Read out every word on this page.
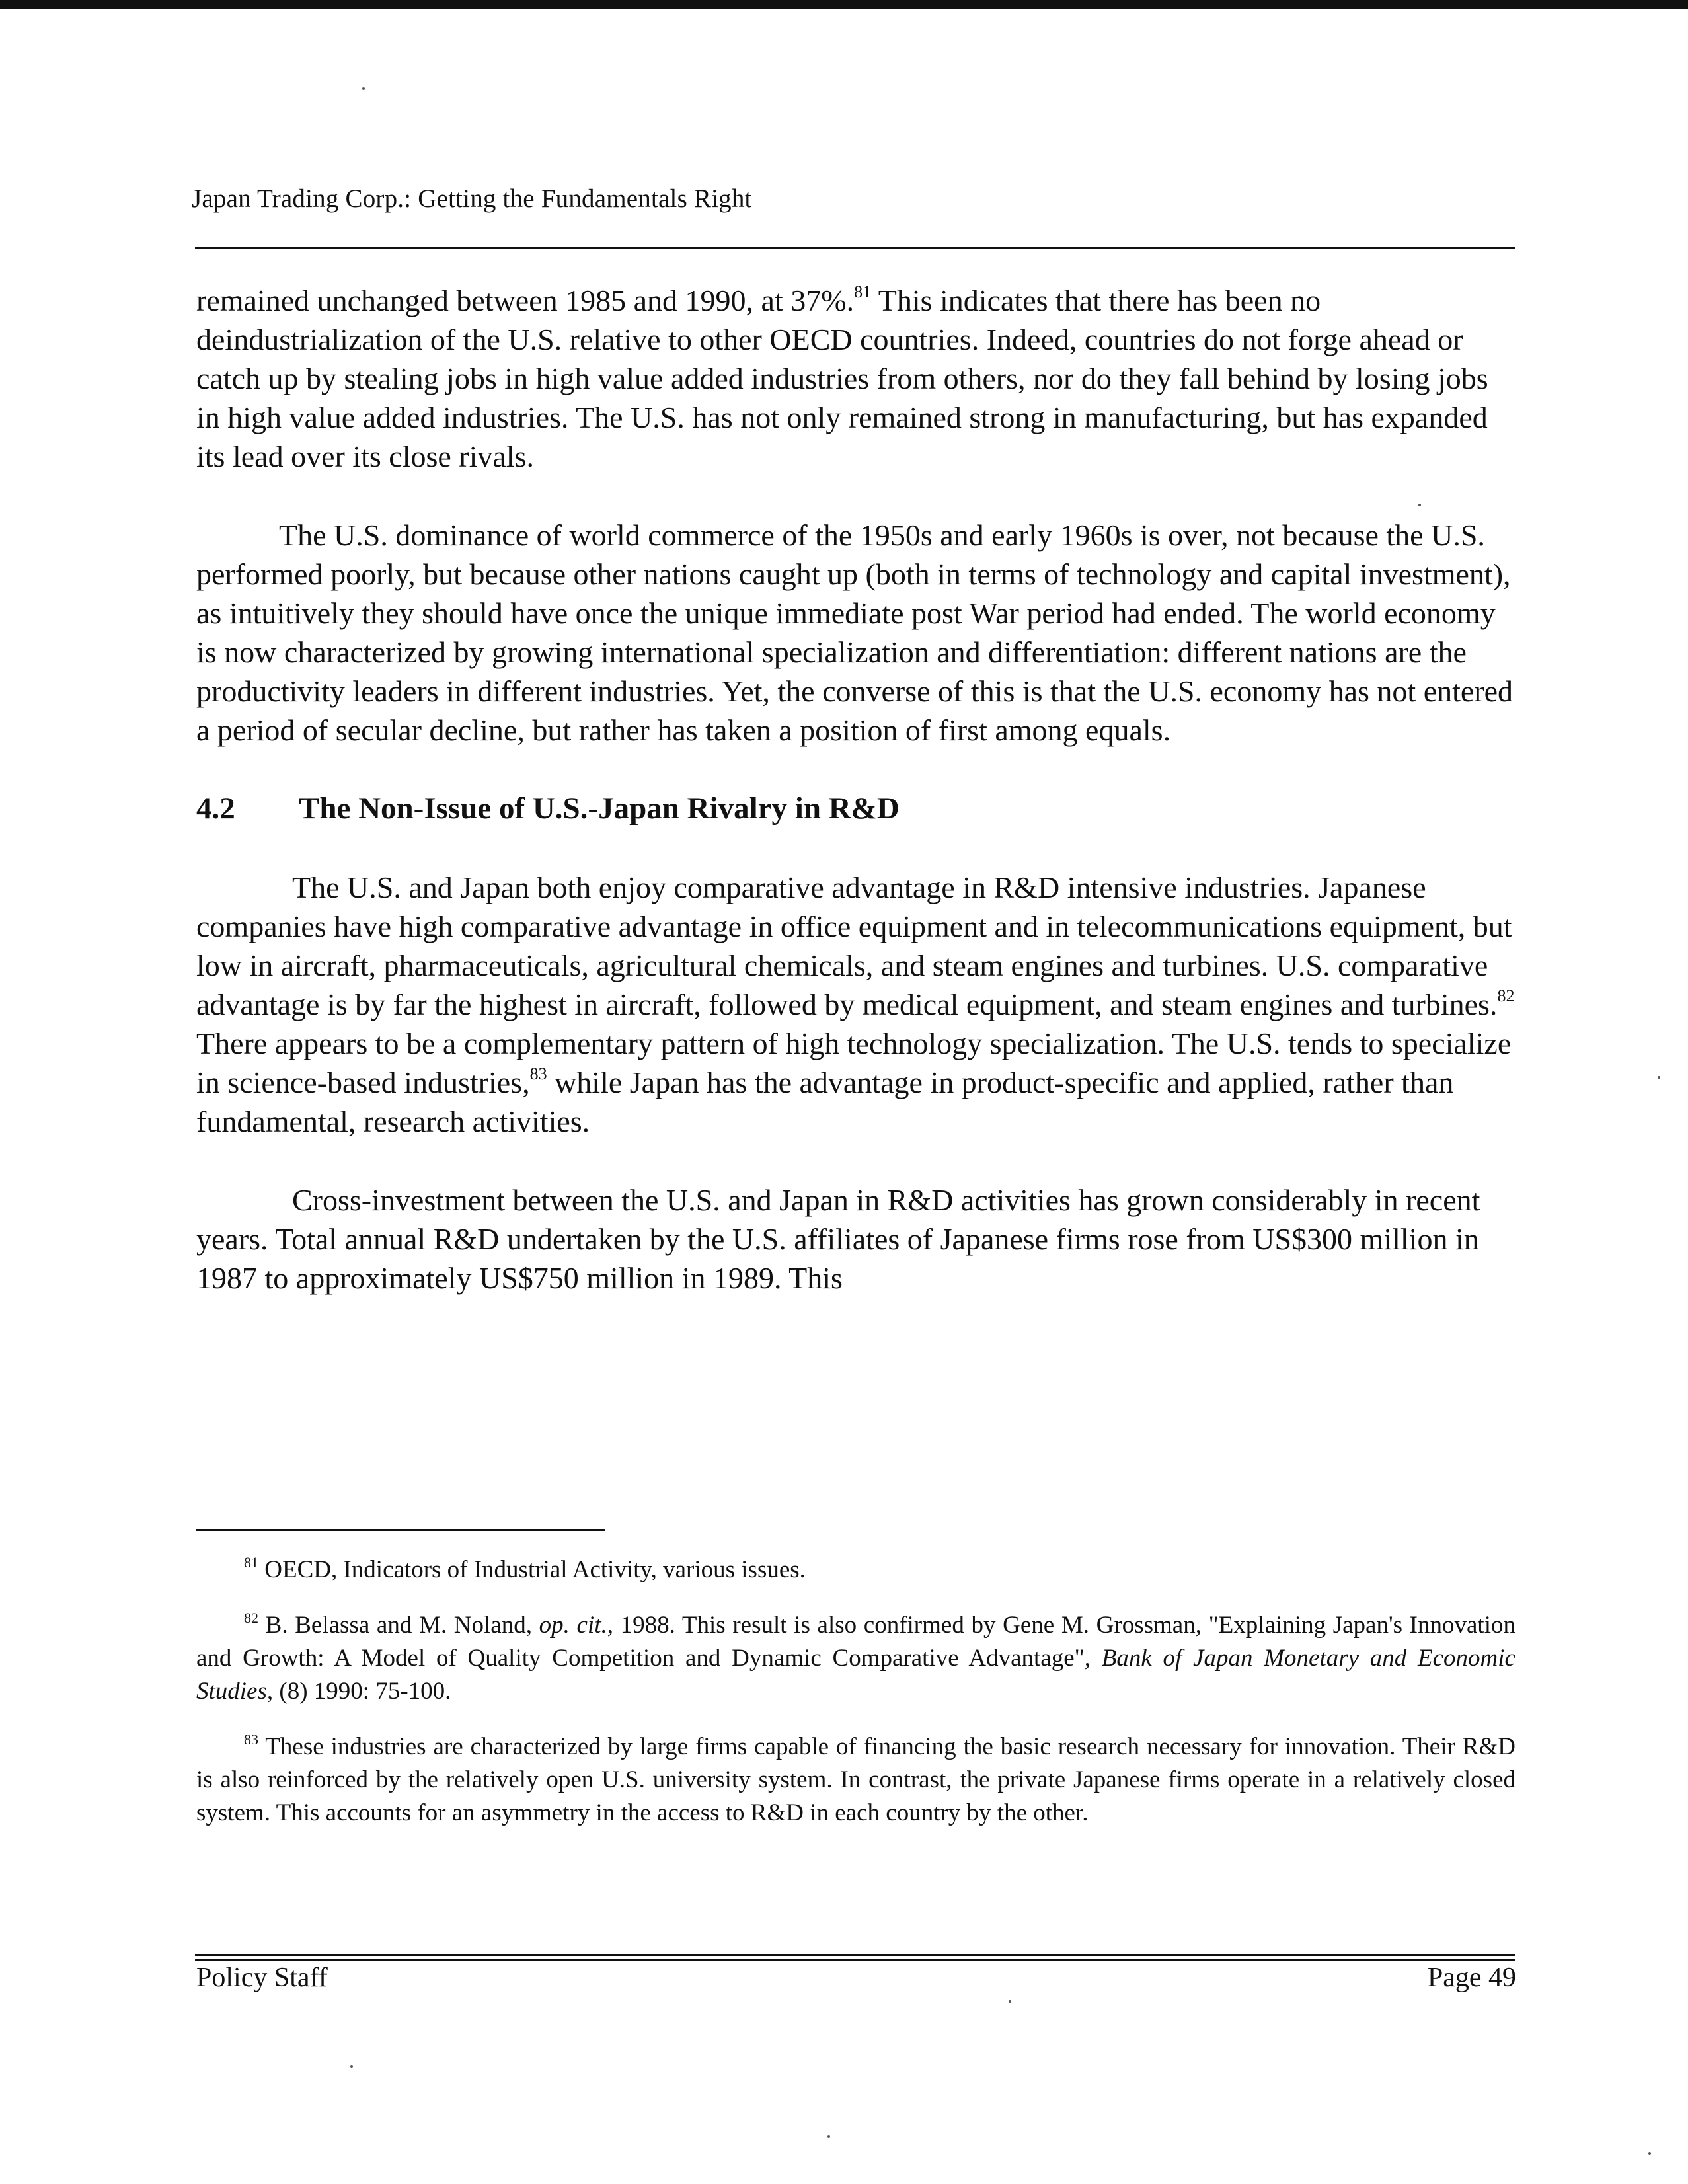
Japan Trading Corp.: Getting the Fundamentals Right

remained unchanged between 1985 and 1990, at 37%.$^{81}$ This indicates that there has been no deindustrialization of the U.S. relative to other OECD countries. Indeed, countries do not forge ahead or catch up by stealing jobs in high value added industries from others, nor do they fall behind by losing jobs in high value added industries. The U.S. has not only remained strong in manufacturing, but has expanded its lead over its close rivals.

The U.S. dominance of world commerce of the 1950s and early 1960s is over, not because the U.S. performed poorly, but because other nations caught up (both in terms of technology and capital investment), as intuitively they should have once the unique immediate post War period had ended. The world economy is now characterized by growing international specialization and differentiation: different nations are the productivity leaders in different industries. Yet, the converse of this is that the U.S. economy has not entered a period of secular decline, but rather has taken a position of first among equals.

4.2 The Non-Issue of U.S.-Japan Rivalry in R&D

The U.S. and Japan both enjoy comparative advantage in R&D intensive industries. Japanese companies have high comparative advantage in office equipment and in telecommunications equipment, but low in aircraft, pharmaceuticals, agricultural chemicals, and steam engines and turbines. U.S. comparative advantage is by far the highest in aircraft, followed by medical equipment, and steam engines and turbines.$^{82}$ There appears to be a complementary pattern of high technology specialization. The U.S. tends to specialize in science-based industries,$^{83}$ while Japan has the advantage in product-specific and applied, rather than fundamental, research activities.

Cross-investment between the U.S. and Japan in R&D activities has grown considerably in recent years. Total annual R&D undertaken by the U.S. affiliates of Japanese firms rose from US$300 million in 1987 to approximately US$750 million in 1989. This

$^{81}$ OECD, Indicators of Industrial Activity, various issues.

$^{82}$ B. Belassa and M. Noland, op. cit., 1988. This result is also confirmed by Gene M. Grossman, "Explaining Japan's Innovation and Growth: A Model of Quality Competition and Dynamic Comparative Advantage", Bank of Japan Monetary and Economic Studies, (8) 1990: 75-100.

$^{83}$ These industries are characterized by large firms capable of financing the basic research necessary for innovation. Their R&D is also reinforced by the relatively open U.S. university system. In contrast, the private Japanese firms operate in a relatively closed system. This accounts for an asymmetry in the access to R&D in each country by the other.

Policy Staff	Page 49
